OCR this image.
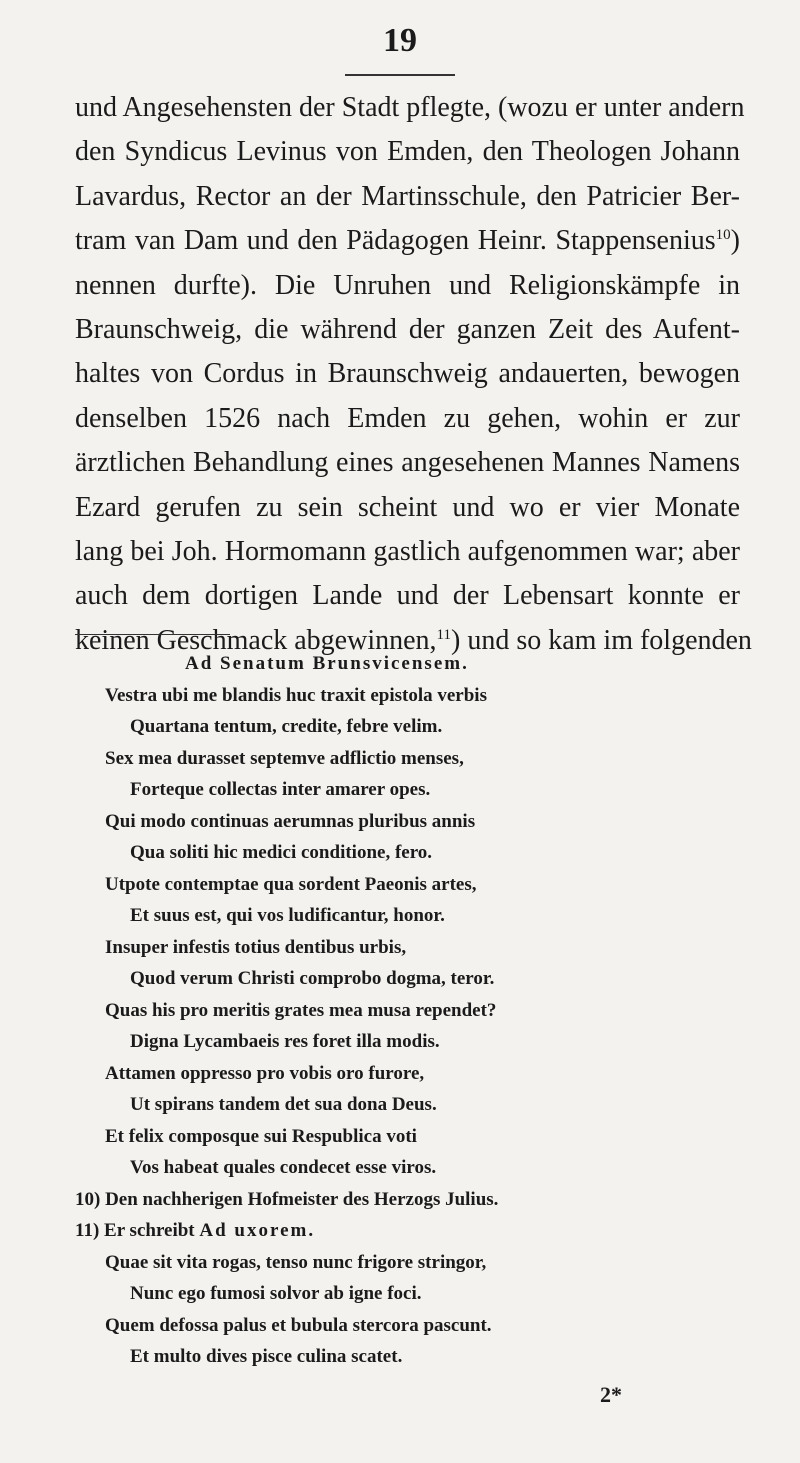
19
und Angesehensten der Stadt pflegte, (wozu er unter andern
den Syndicus Levinus von Emden, den Theologen Johann
Lavardus, Rector an der Martinsschule, den Patricier Ber-
tram van Dam und den Pädagogen Heinr. Stappensenius$^{10}$)
nennen durfte). Die Unruhen und Religionskämpfe in
Braunschweig, die während der ganzen Zeit des Aufent-
haltes von Cordus in Braunschweig andauerten, bewogen
denselben 1526 nach Emden zu gehen, wohin er zur
ärztlichen Behandlung eines angesehenen Mannes Namens
Ezard gerufen zu sein scheint und wo er vier Monate
lang bei Joh. Hormomann gastlich aufgenommen war; aber
auch dem dortigen Lande und der Lebensart konnte er
keinen Geschmack abgewinnen,$^{11}$) und so kam im folgenden
Ad Senatum Brunsvicensem.
Vestra ubi me blandis huc traxit epistola verbis
Quartana tentum, credite, febre velim.
Sex mea durasset septemve adflictio menses,
Forteque collectas inter amarer opes.
Qui modo continuas aerumnas pluribus annis
Qua soliti hic medici conditione, fero.
Utpote contemptae qua sordent Paeonis artes,
Et suus est, qui vos ludificantur, honor.
Insuper infestis totius dentibus urbis,
Quod verum Christi comprobo dogma, teror.
Quas his pro meritis grates mea musa rependet?
Digna Lycambaeis res foret illa modis.
Attamen oppresso pro vobis oro furore,
Ut spirans tandem det sua dona Deus.
Et felix composque sui Respublica voti
Vos habeat quales condecet esse viros.
10) Den nachherigen Hofmeister des Herzogs Julius.
11) Er schreibt Ad uxorem.
Quae sit vita rogas, tenso nunc frigore stringor,
Nunc ego fumosi solvor ab igne foci.
Quem defossa palus et bubula stercora pascunt.
Et multo dives pisce culina scatet.
2*
